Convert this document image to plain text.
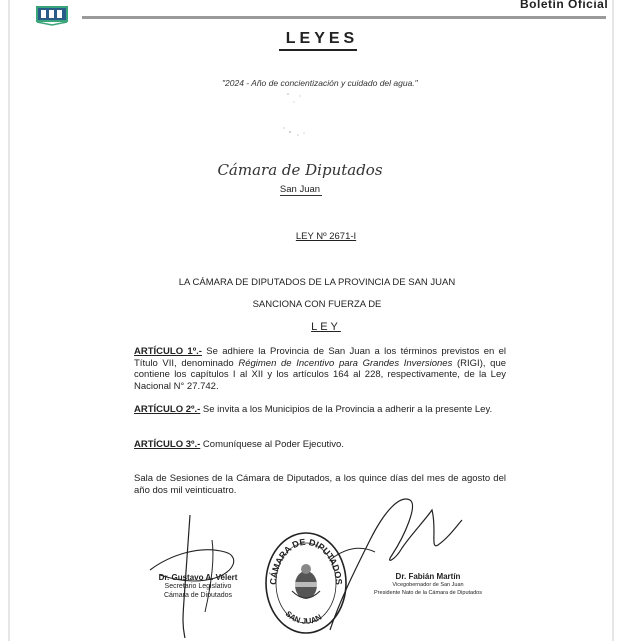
Boletín Oficial
LEYES
"2024 - Año de concientización y cuidado del agua."
Cámara de Diputados
San Juan
LEY Nº 2671-I
LA CÁMARA DE DIPUTADOS DE LA PROVINCIA DE SAN JUAN
SANCIONA CON FUERZA DE
LEY
ARTÍCULO 1º.- Se adhiere la Provincia de San Juan a los términos previstos en el Título VII, denominado Régimen de Incentivo para Grandes Inversiones (RIGI), que contiene los capítulos I al XII y los artículos 164 al 228, respectivamente, de la Ley Nacional N° 27.742.
ARTÍCULO 2º.- Se invita a los Municipios de la Provincia a adherir a la presente Ley.
ARTÍCULO 3º.- Comuníquese al Poder Ejecutivo.
Sala de Sesiones de la Cámara de Diputados, a los quince días del mes de agosto del año dos mil veinticuatro.
CÁMARA DE DIPUTADOS
SAN JUAN
Dr. Gustavo A. Velert
Secretario Legislativo
Cámara de Diputados
Dr. Fabián Martín
Vicegobernador de San Juan
Presidente Nato de la Cámara de Diputados
